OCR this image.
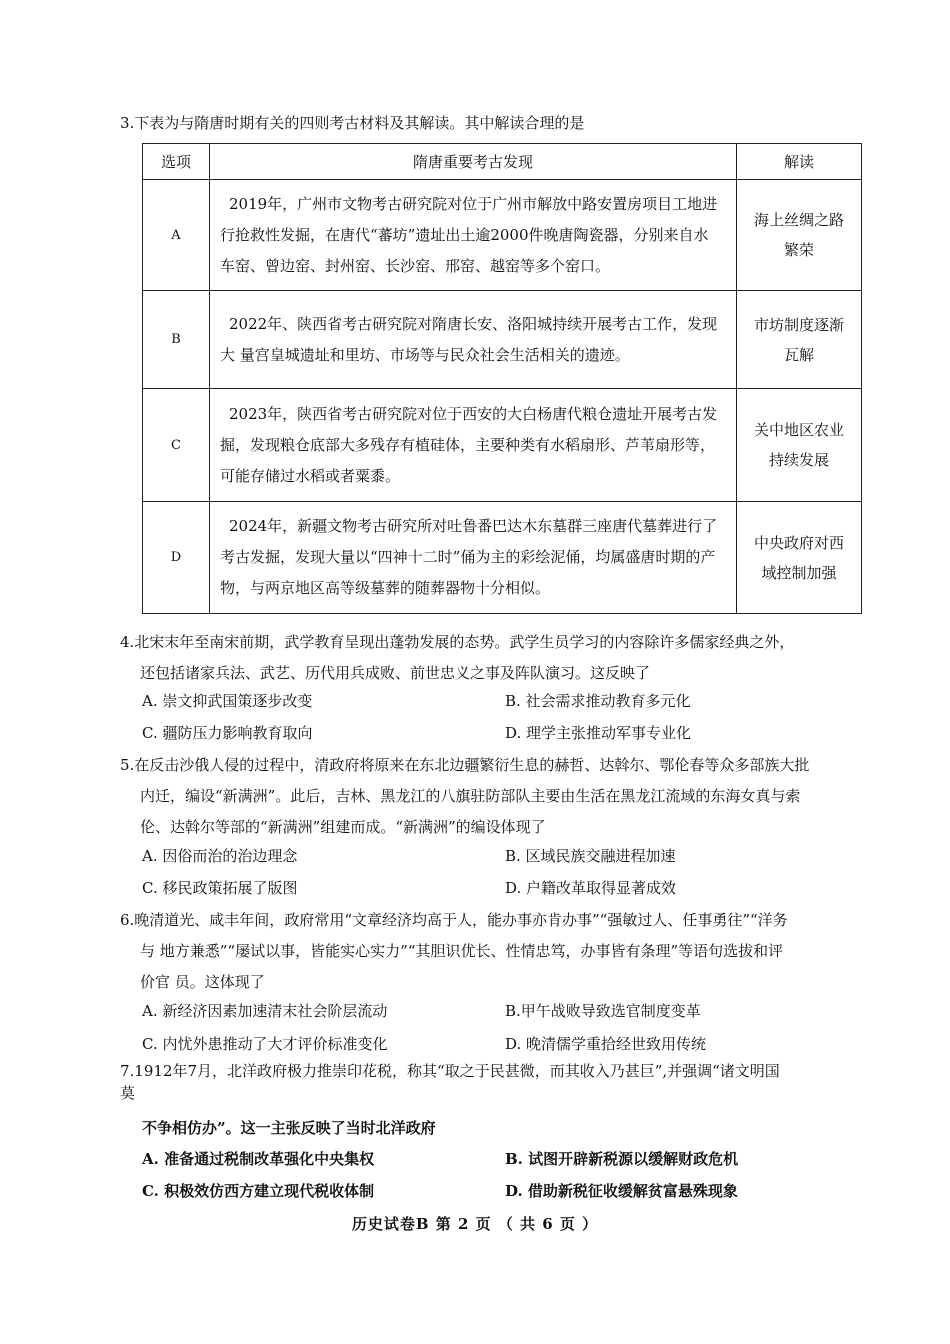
3.下表为与隋唐时期有关的四则考古材料及其解读。其中解读合理的是
选项	隋唐重要考古发现	解读
A	2019年，广州市文物考古研究院对位于广州市解放中路安置房项目工地进行抢救性发掘，在唐代“蕃坊”遗址出土逾2000件晚唐陶瓷器，分别来自水 车窑、曾边窑、封州窑、长沙窑、邢窑、越窑等多个窑口。	海上丝绸之路繁荣
B	2022年、陕西省考古研究院对隋唐长安、洛阳城持续开展考古工作，发现大 量宫皇城遗址和里坊、市场等与民众社会生活相关的遗迹。	市坊制度逐渐瓦解
C	2023年，陕西省考古研究院对位于西安的大白杨唐代粮仓遗址开展考古发掘，发现粮仓底部大多残存有植硅体，主要种类有水稻扇形、芦苇扇形等，可能存储过水稻或者粟黍。	关中地区农业持续发展
D	2024年，新疆文物考古研究所对吐鲁番巴达木东墓群三座唐代墓葬进行了考古发掘，发现大量以“四神十二时”俑为主的彩绘泥俑，均属盛唐时期的产物，与两京地区高等级墓葬的随葬器物十分相似。	中央政府对西域控制加强
4.北宋末年至南宋前期，武学教育呈现出蓬勃发展的态势。武学生员学习的内容除许多儒家经典之外，
还包括诸家兵法、武艺、历代用兵成败、前世忠义之事及阵队演习。这反映了
A. 崇文抑武国策逐步改变	B. 社会需求推动教育多元化
C. 疆防压力影响教育取向	D. 理学主张推动军事专业化
5.在反击沙俄人侵的过程中，清政府将原来在东北边疆繁衍生息的赫哲、达斡尔、鄂伦春等众多部族大批
内迁，编设“新满洲”。此后，吉林、黑龙江的八旗驻防部队主要由生活在黑龙江流域的东海女真与索
伦、达斡尔等部的“新满洲”组建而成。“新满洲”的编设体现了
A. 因俗而治的治边理念	B. 区域民族交融进程加速
C. 移民政策拓展了版图	D. 户籍改革取得显著成效
6.晚清道光、咸丰年间，政府常用“文章经济均高于人，能办事亦肯办事”“强敏过人、任事勇往”“洋务
与 地方兼悉”“屡试以事，皆能实心实力”“其胆识优长、性情忠笃，办事皆有条理”等语句选拔和评
价官 员。这体现了
A. 新经济因素加速清末社会阶层流动	B.甲午战败导致选官制度变革
C. 内忧外患推动了大才评价标准变化	D. 晚清儒学重拾经世致用传统
7.1912年7月，北洋政府极力推崇印花税，称其“取之于民甚微，而其收入乃甚巨”,并强调“诸文明国
莫
不争相仿办”。这一主张反映了当时北洋政府
A. 准备通过税制改革强化中央集权	B. 试图开辟新税源以缓解财政危机
C. 积极效仿西方建立现代税收体制	D. 借助新税征收缓解贫富悬殊现象
历史试卷B 第 2 页 （ 共 6 页 ）
